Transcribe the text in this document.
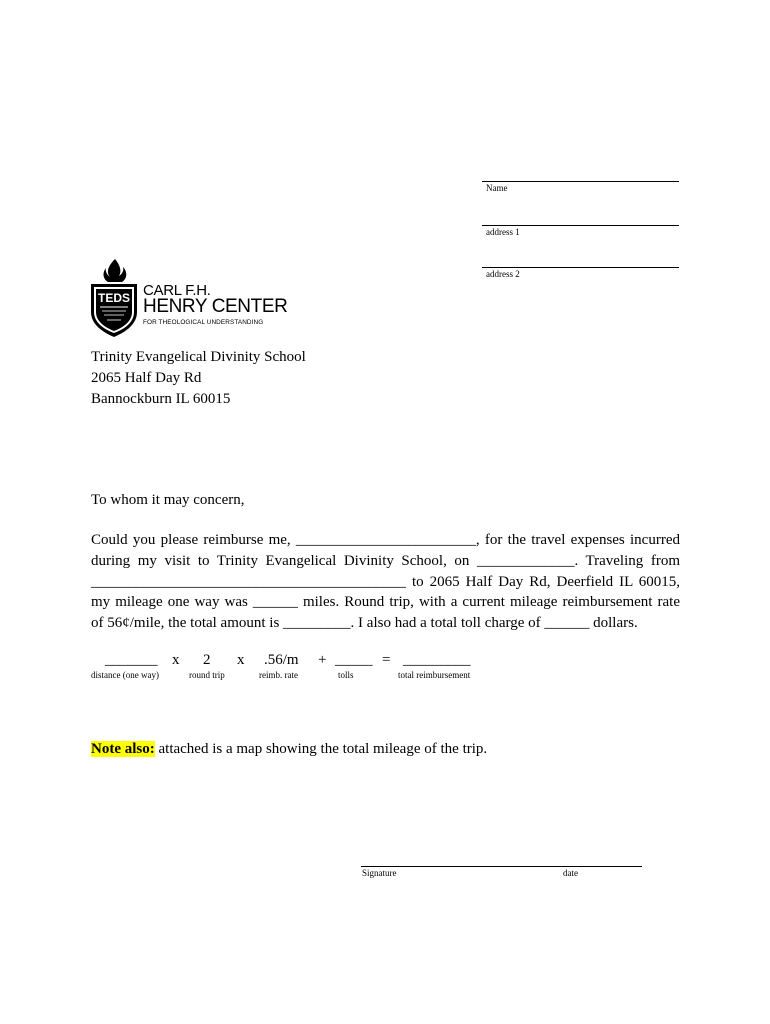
Name
address 1
address 2
TEDS CARL F.H.
HENRY CENTER
FOR THEOLOGICAL UNDERSTANDING
Trinity Evangelical Divinity School
2065 Half Day Rd
Bannockburn IL 60015
To whom it may concern,

Could you please reimburse me, ________________________, for the travel expenses incurred

during my visit to Trinity Evangelical Divinity School, on _____________. Traveling from

__________________________________________ to 2065 Half Day Rd, Deerfield IL 60015,

my mileage one way was ______ miles. Round trip, with a current mileage reimbursement rate

of 56¢/mile, the total amount is _________. I also had a total toll charge of ______ dollars.

_______ x 2 x .56/m + _____ = _________
distance (one way)	round trip	reimb. rate	tolls	total reimbursement
Note also: attached is a map showing the total mileage of the trip.
Signature	date
